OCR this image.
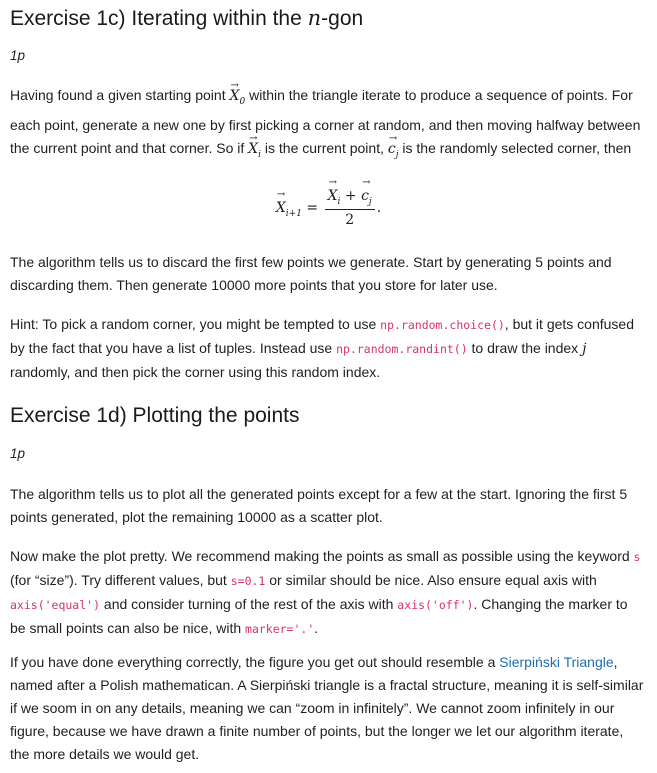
Exercise 1c) Iterating within the n-gon

1p

Having found a given starting point → $X_0$ within the triangle iterate to produce a sequence of points. For each point, generate a new one by first picking a corner at random, and then moving halfway between the current point and that corner. So if → $X_i$ is the current point, → $c_j$ is the randomly selected corner, then

→ $X_{i+1}$ = → $\frac{X_i + \to c_j}{2}$ .

The algorithm tells us to discard the first few points we generate. Start by generating 5 points and discarding them. Then generate 10000 more points that you store for later use.

Hint: To pick a random corner, you might be tempted to use np.random.choice(), but it gets confused by the fact that you have a list of tuples. Instead use np.random.randint() to draw the index j randomly, and then pick the corner using this random index.

Exercise 1d) Plotting the points

1p

The algorithm tells us to plot all the generated points except for a few at the start. Ignoring the first 5 points generated, plot the remaining 10000 as a scatter plot.

Now make the plot pretty. We recommend making the points as small as possible using the keyword s (for “size”). Try different values, but s=0.1 or similar should be nice. Also ensure equal axis with axis('equal') and consider turning of the rest of the axis with axis('off'). Changing the marker to be small points can also be nice, with marker='.'.

If you have done everything correctly, the figure you get out should resemble a Sierpiński Triangle, named after a Polish mathematican. A Sierpiński triangle is a fractal structure, meaning it is self-similar if we soom in on any details, meaning we can “zoom in infinitely”. We cannot zoom infinitely in our figure, because we have drawn a finite number of points, but the longer we let our algorithm iterate, the more details we would get.
